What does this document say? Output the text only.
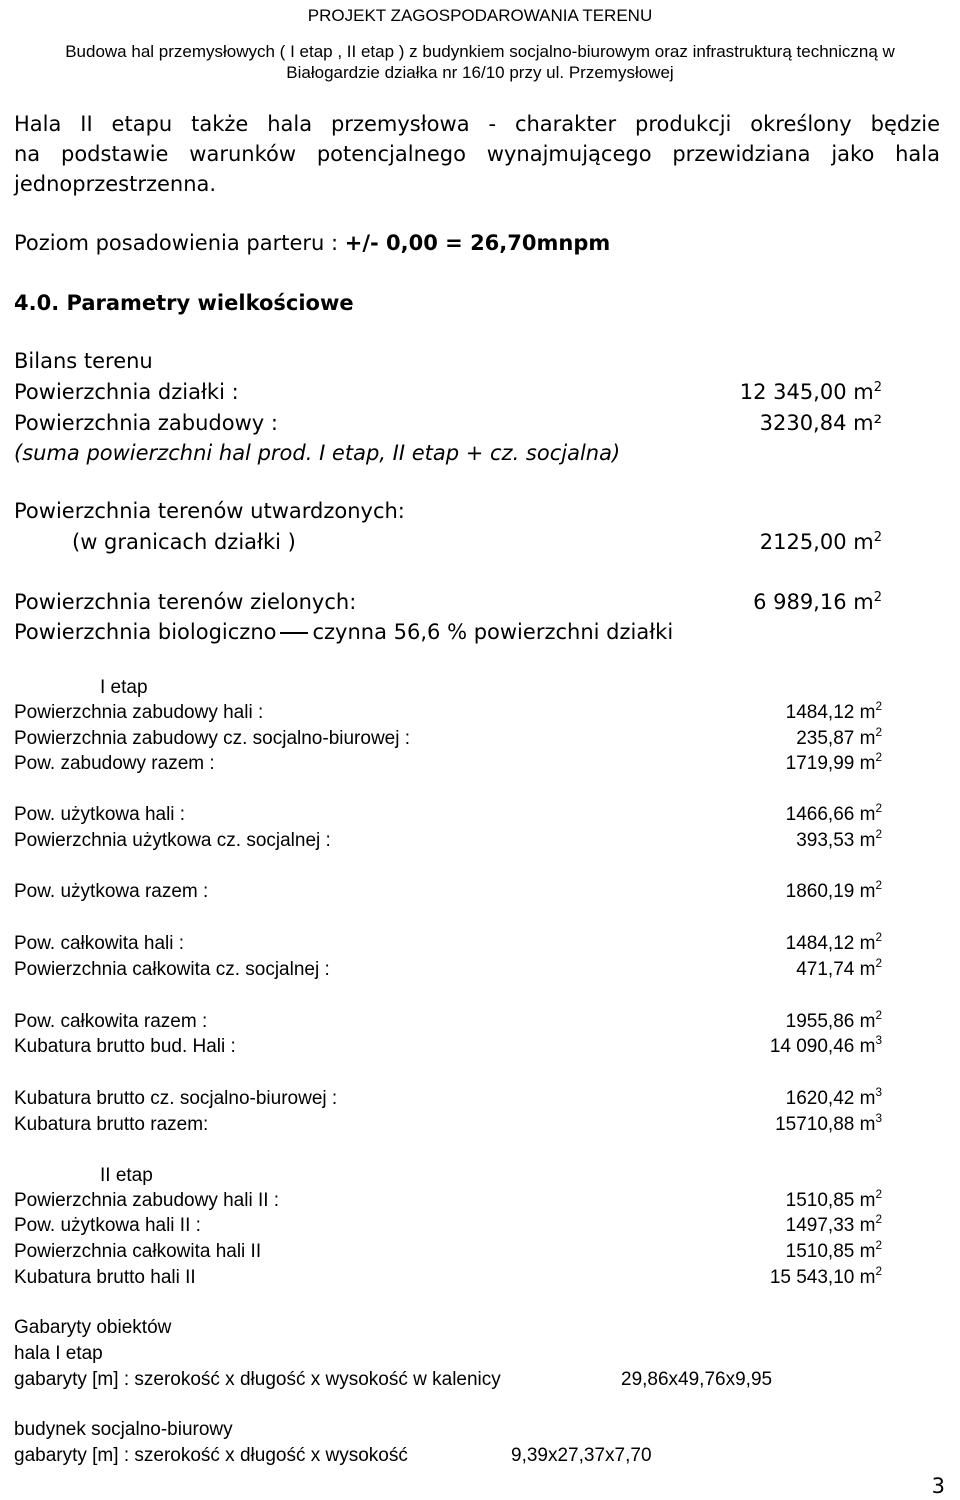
PROJEKT ZAGOSPODAROWANIA TERENU
Budowa hal przemysłowych ( I etap , II etap ) z budynkiem socjalno-biurowym oraz infrastrukturą techniczną w
Białogardzie działka nr 16/10 przy ul. Przemysłowej
Hala II etapu także hala przemysłowa - charakter produkcji określony będzie
na podstawie warunków potencjalnego wynajmującego przewidziana jako hala
jednoprzestrzenna.
Poziom posadowienia parteru : +/- 0,00 = 26,70mnpm
4.0. Parametry wielkościowe
Bilans terenu
Powierzchnia działki :	12 345,00 $m^2$
Powierzchnia zabudowy :	3230,84 m²
(suma powierzchni hal prod. I etap, II etap + cz. socjalna)
Powierzchnia terenów utwardzonych:
(w granicach działki )	2125,00 $m^2$
Powierzchnia terenów zielonych:	6 989,16 $m^2$
Powierzchnia biologiczno czynna 56,6 % powierzchni działki
I etap
Powierzchnia zabudowy hali :	1484,12 $m^2$
Powierzchnia zabudowy cz. socjalno-biurowej :	235,87 $m^2$
Pow. zabudowy razem :	1719,99 $m^2$
Pow. użytkowa hali :	1466,66 $m^2$
Powierzchnia użytkowa cz. socjalnej :	393,53 $m^2$
Pow. użytkowa razem :	1860,19 $m^2$
Pow. całkowita hali :	1484,12 $m^2$
Powierzchnia całkowita cz. socjalnej :	471,74 $m^2$
Pow. całkowita razem :	1955,86 $m^2$
Kubatura brutto bud. Hali :	14 090,46 $m^3$
Kubatura brutto cz. socjalno-biurowej :	1620,42 $m^3$
Kubatura brutto razem:	15710,88 $m^3$
II etap
Powierzchnia zabudowy hali II :	1510,85 $m^2$
Pow. użytkowa hali II :	1497,33 $m^2$
Powierzchnia całkowita hali II	1510,85 $m^2$
Kubatura brutto hali II	15 543,10 $m^2$
Gabaryty obiektów
hala I etap
gabaryty [m] : szerokość x długość x wysokość w kalenicy	29,86x49,76x9,95
budynek socjalno-biurowy
gabaryty [m] : szerokość x długość x wysokość	9,39x27,37x7,70
3
